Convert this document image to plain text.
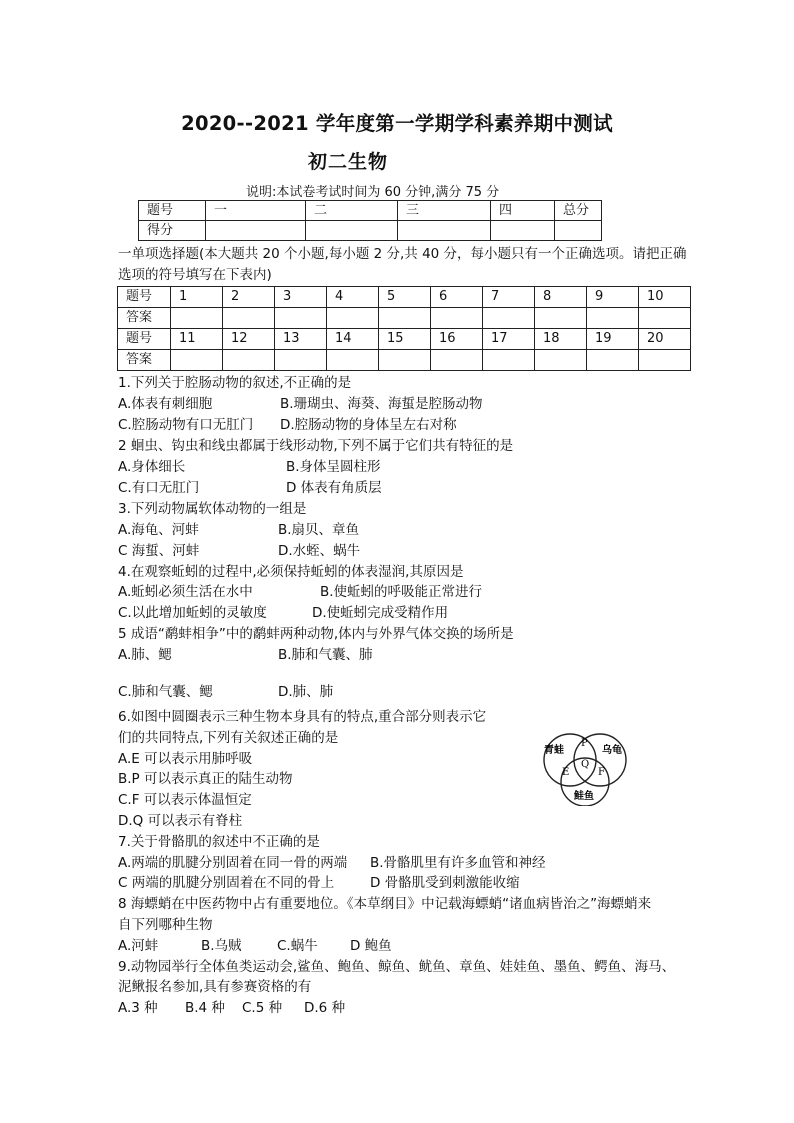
2020--2021 学年度第一学期学科素养期中测试
初二生物
说明:本试卷考试时间为 60 分钟,满分 75 分
题号	一	二	三	四	总分
得分					
一单项选择题(本大题共 20 个小题,每小题 2 分,共 40 分，每小题只有一个正确选项。请把正确选项的符号填写在下表内)
题号	1	2	3	4	5	6	7	8	9	10
答案										
题号	11	12	13	14	15	16	17	18	19	20
答案										
1.下列关于腔肠动物的叙述,不正确的是
A.体表有刺细胞	B.珊瑚虫、海葵、海蜇是腔肠动物
C.腔肠动物有口无肛门 D.腔肠动物的身体呈左右对称
2 蛔虫、钩虫和线虫都属于线形动物,下列不属于它们共有特征的是
A.身体细长	B.身体呈圆柱形
C.有口无肛门	D 体表有角质层
3.下列动物属软体动物的一组是
A.海龟、河蚌	B.扇贝、章鱼
C 海蜇、河蚌	D.水蛭、蜗牛
4.在观察蚯蚓的过程中,必须保持蚯蚓的体表湿润,其原因是
A.蚯蚓必须生活在水中	B.使蚯蚓的呼吸能正常进行
C.以此增加蚯蚓的灵敏度	D.使蚯蚓完成受精作用
5 成语“鹬蚌相争”中的鹬蚌两种动物,体内与外界气体交换的场所是
A.肺、鳃	B.肺和气囊、肺
C.肺和气囊、鳃	D.肺、肺
6.如图中圆圈表示三种生物本身具有的特点,重合部分则表示它
们的共同特点,下列有关叙述正确的是
A.E 可以表示用肺呼吸
B.P 可以表示真正的陆生动物
C.F 可以表示体温恒定
D.Q 可以表示有脊柱
青蛙	乌龟
鲑鱼
P
Q
E	F
7.关于骨骼肌的叙述中不正确的是
A.两端的肌腱分别固着在同一骨的两端 B.骨骼肌里有许多血管和神经
C 两端的肌腱分别固着在不同的骨上	D 骨骼肌受到刺激能收缩
8 海螵蛸在中医药物中占有重要地位。《本草纲目》中记载海螵蛸“诸血病皆治之”海螵蛸来
自下列哪种生物
A.河蚌	B.乌贼	C.蜗牛 D 鲍鱼
9.动物园举行全体鱼类运动会,鲨鱼、鲍鱼、鲸鱼、鱿鱼、章鱼、娃娃鱼、墨鱼、鳄鱼、海马、
泥鳅报名参加,具有参赛资格的有
A.3 种 B.4 种 C.5 种 D.6 种
